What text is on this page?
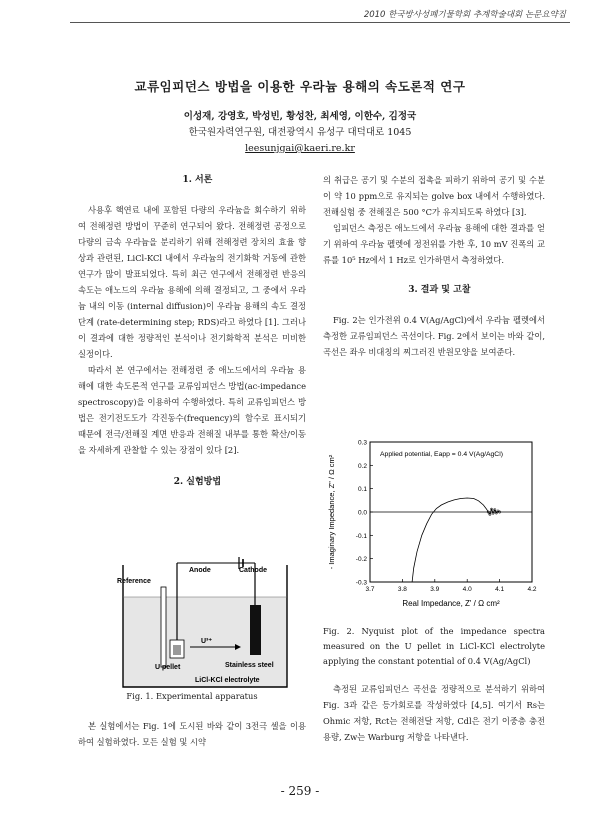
2010 한국방사성폐기물학회 추계학술대회 논문요약집
교류임피던스 방법을 이용한 우라늄 용해의 속도론적 연구
이성재, 강영호, 박성빈, 황성찬, 최세영, 이한수, 김정국
한국원자력연구원, 대전광역시 유성구 대덕대로 1045
leesunjgai@kaeri.re.kr

1. 서론

사용후 핵연료 내에 포함된 다량의 우라늄을 회수하기 위하여 전해정련 방법이 꾸준히 연구되어 왔다. 전해정련 공정으로 다량의 금속 우라늄을 분리하기 위해 전해정련 장치의 효율 향상과 관련된, LiCl-KCl 내에서 우라늄의 전기화학 거동에 관한 연구가 많이 발표되었다. 특히 최근 연구에서 전해정련 반응의 속도는 애노드의 우라늄 용해에 의해 결정되고, 그 중에서 우라늄 내의 이동 (internal diffusion)이 우라늄 용해의 속도 결정 단계 (rate-determining step; RDS)라고 하였다 [1]. 그러나 이 결과에 대한 정량적인 분석이나 전기화학적 분석은 미비한 실정이다.

따라서 본 연구에서는 전해정련 중 애노드에서의 우라늄 용해에 대한 속도론적 연구를 교류임피던스 방법(ac-impedance spectroscopy)을 이용하여 수행하였다. 특히 교류임피던스 방법은 전기전도도가 각진동수(frequency)의 함수로 표시되기 때문에 전극/전해질 계면 반응과 전해질 내부를 통한 확산/이동을 자세하게 관찰할 수 있는 장점이 있다 [2].

2. 실험방법

Anode	Cathode
Reference
U³⁺
U pellet	Stainless steel
LiCl-KCl electrolyte
Fig. 1. Experimental apparatus

본 실험에서는 Fig. 1에 도시된 바와 같이 3전극 셀을 이용하여 실험하였다. 모든 실험 및 시약

의 취급은 공기 및 수분의 접촉을 피하기 위하여 공기 및 수분이 약 10 ppm으로 유지되는 golve box 내에서 수행하였다. 전해실험 중 전해질은 500 °C가 유지되도록 하였다 [3].

임피던스 측정은 애노드에서 우라늄 용해에 대한 결과를 얻기 위하여 우라늄 펠렛에 정전위를 가한 후, 10 mV 진폭의 교류를 10⁵ Hz에서 1 Hz로 인가하면서 측정하였다.

3. 결과 및 고찰

Fig. 2는 인가전위 0.4 V(Ag/AgCl)에서 우라늄 펠렛에서 측정한 교류임피던스 곡선이다. Fig. 2에서 보이는 바와 같이, 곡선은 좌우 비대칭의 찌그러진 반원모양을 보여준다.

0.3
0.2
0.1
0.0
-0.1
-0.2
-0.3
3.7	3.8	3.9	4.0	4.1	4.2
Applied potential, Eapp = 0.4 V(Ag/AgCl)
Real Impedance, Z' / Ω cm²
- Imaginary Impedance, Z" / Ω cm²
Fig. 2. Nyquist plot of the impedance spectra measured on the U pellet in LiCl-KCl electrolyte applying the constant potential of 0.4 V(Ag/AgCl)

측정된 교류임피던스 곡선을 정량적으로 분석하기 위하여 Fig. 3과 같은 등가회로를 작성하였다 [4,5]. 여기서 Rs는 Ohmic 저항, Rct는 전해전달 저항, Cdl은 전기 이중층 충전용량, Zw는 Warburg 저항을 나타낸다.

- 259 -
